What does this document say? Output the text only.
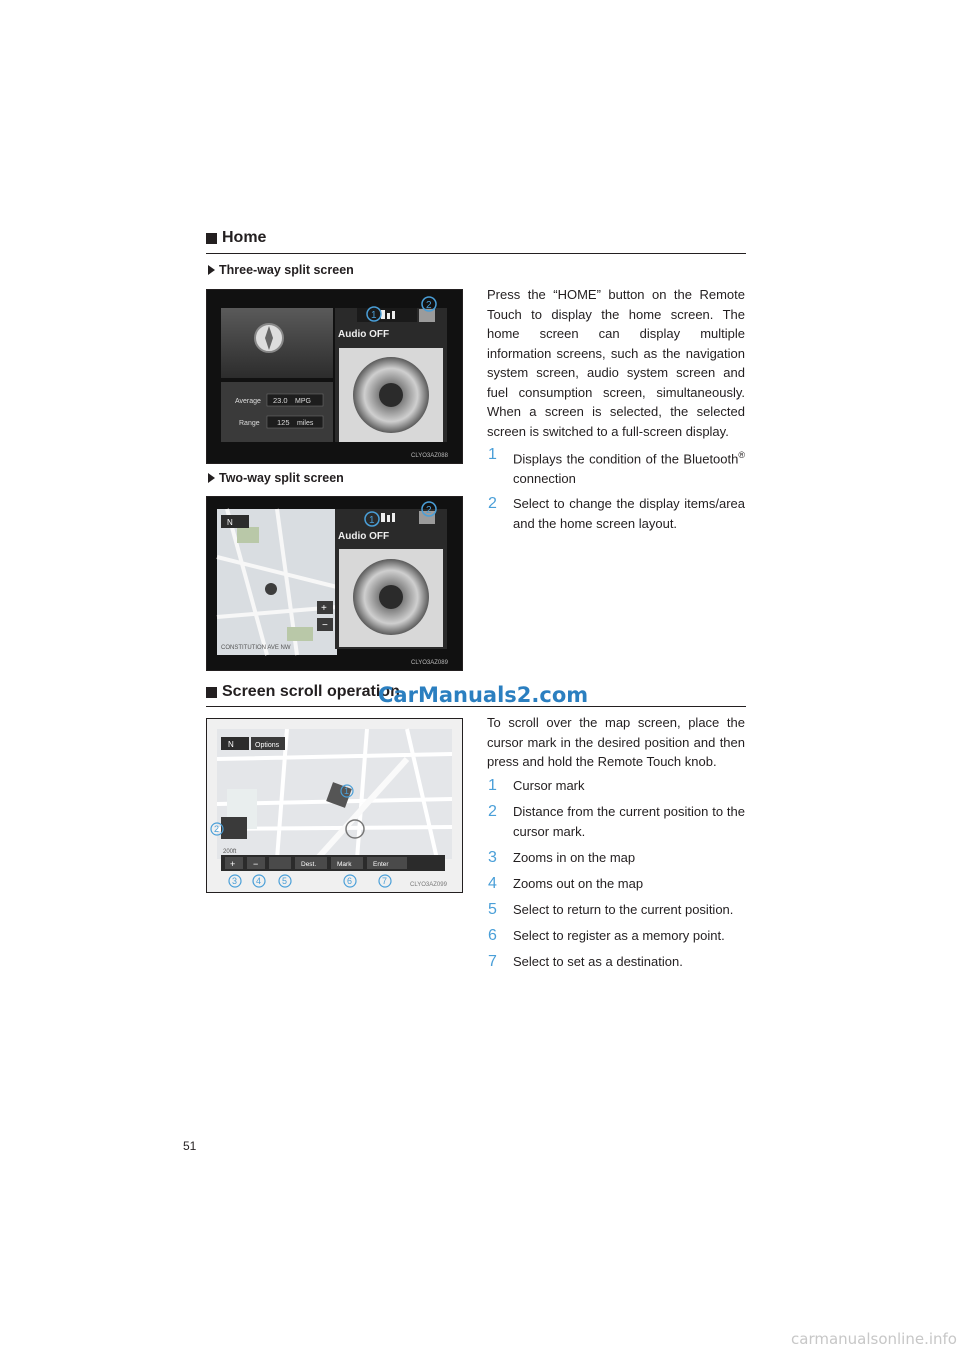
Home
Three-way split screen
1
2
Audio OFF
Average 23.0 MPG
Range 125 miles
CLYO3AZ088
Two-way split screen
N
+
−
CONSTITUTION AVE NW
1
2
Audio OFF
CLYO3AZ089
Press the “HOME” button on the Remote Touch to display the home screen. The home screen can display multiple information screens, such as the navigation system screen, audio system screen and fuel consumption screen, simultaneously. When a screen is selected, the selected screen is switched to a full-screen display.
1	Displays the condition of the Bluetooth® connection
2	Select to change the display items/area and the home screen layout.
Screen scroll operation
CarManuals2.com
N	Options
200ft
+ −	Dest.	Mark	Enter
1
2
3 4 5	6	7	CLYO3AZ099
To scroll over the map screen, place the cursor mark in the desired position and then press and hold the Remote Touch knob.
1	Cursor mark
2	Distance from the current position to the cursor mark.
3	Zooms in on the map
4	Zooms out on the map
5	Select to return to the current position.
6	Select to register as a memory point.
7	Select to set as a destination.
51
carmanualsonline.info
